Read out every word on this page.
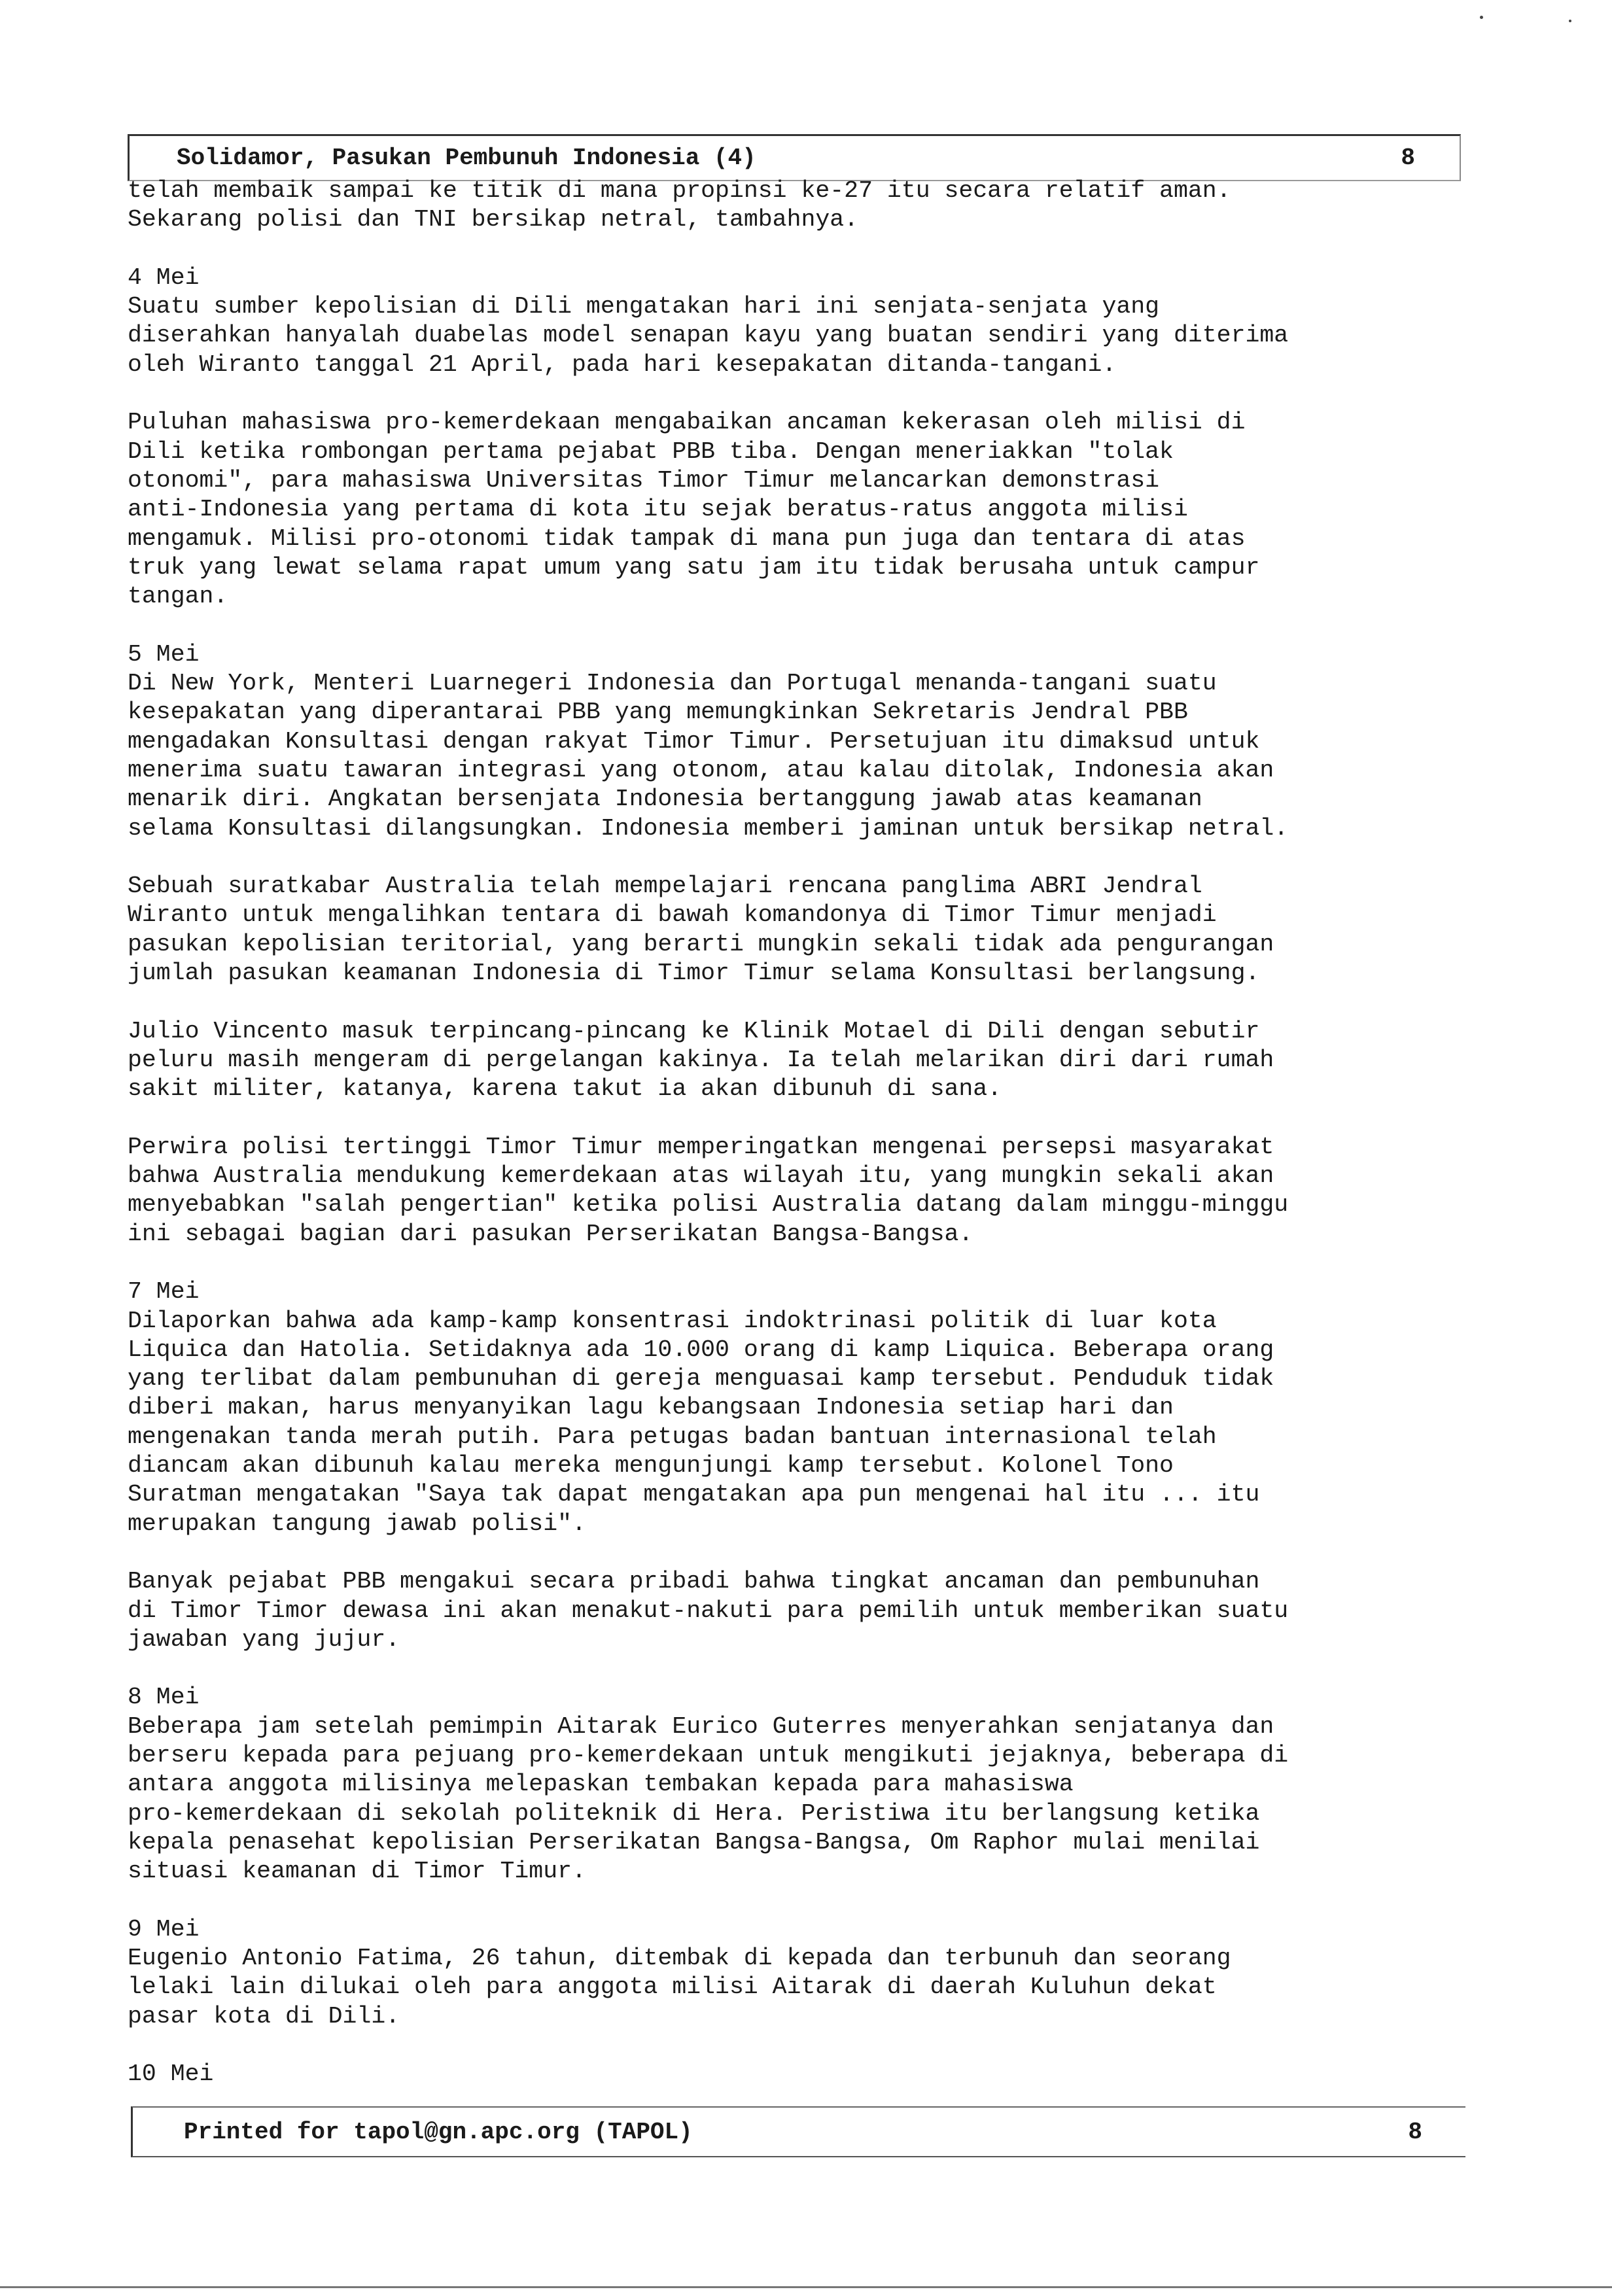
Solidamor, Pasukan Pembunuh Indonesia (4)	8
telah membaik sampai ke titik di mana propinsi ke-27 itu secara relatif aman.
Sekarang polisi dan TNI bersikap netral, tambahnya.
4 Mei
Suatu sumber kepolisian di Dili mengatakan hari ini senjata-senjata yang
diserahkan hanyalah duabelas model senapan kayu yang buatan sendiri yang diterima
oleh Wiranto tanggal 21 April, pada hari kesepakatan ditanda-tangani.
Puluhan mahasiswa pro-kemerdekaan mengabaikan ancaman kekerasan oleh milisi di
Dili ketika rombongan pertama pejabat PBB tiba. Dengan meneriakkan "tolak
otonomi", para mahasiswa Universitas Timor Timur melancarkan demonstrasi
anti-Indonesia yang pertama di kota itu sejak beratus-ratus anggota milisi
mengamuk. Milisi pro-otonomi tidak tampak di mana pun juga dan tentara di atas
truk yang lewat selama rapat umum yang satu jam itu tidak berusaha untuk campur
tangan.
5 Mei
Di New York, Menteri Luarnegeri Indonesia dan Portugal menanda-tangani suatu
kesepakatan yang diperantarai PBB yang memungkinkan Sekretaris Jendral PBB
mengadakan Konsultasi dengan rakyat Timor Timur. Persetujuan itu dimaksud untuk
menerima suatu tawaran integrasi yang otonom, atau kalau ditolak, Indonesia akan
menarik diri. Angkatan bersenjata Indonesia bertanggung jawab atas keamanan
selama Konsultasi dilangsungkan. Indonesia memberi jaminan untuk bersikap netral.
Sebuah suratkabar Australia telah mempelajari rencana panglima ABRI Jendral
Wiranto untuk mengalihkan tentara di bawah komandonya di Timor Timur menjadi
pasukan kepolisian teritorial, yang berarti mungkin sekali tidak ada pengurangan
jumlah pasukan keamanan Indonesia di Timor Timur selama Konsultasi berlangsung.
Julio Vincento masuk terpincang-pincang ke Klinik Motael di Dili dengan sebutir
peluru masih mengeram di pergelangan kakinya. Ia telah melarikan diri dari rumah
sakit militer, katanya, karena takut ia akan dibunuh di sana.
Perwira polisi tertinggi Timor Timur memperingatkan mengenai persepsi masyarakat
bahwa Australia mendukung kemerdekaan atas wilayah itu, yang mungkin sekali akan
menyebabkan "salah pengertian" ketika polisi Australia datang dalam minggu-minggu
ini sebagai bagian dari pasukan Perserikatan Bangsa-Bangsa.
7 Mei
Dilaporkan bahwa ada kamp-kamp konsentrasi indoktrinasi politik di luar kota
Liquica dan Hatolia. Setidaknya ada 10.000 orang di kamp Liquica. Beberapa orang
yang terlibat dalam pembunuhan di gereja menguasai kamp tersebut. Penduduk tidak
diberi makan, harus menyanyikan lagu kebangsaan Indonesia setiap hari dan
mengenakan tanda merah putih. Para petugas badan bantuan internasional telah
diancam akan dibunuh kalau mereka mengunjungi kamp tersebut. Kolonel Tono
Suratman mengatakan "Saya tak dapat mengatakan apa pun mengenai hal itu ... itu
merupakan tangung jawab polisi".
Banyak pejabat PBB mengakui secara pribadi bahwa tingkat ancaman dan pembunuhan
di Timor Timor dewasa ini akan menakut-nakuti para pemilih untuk memberikan suatu
jawaban yang jujur.
8 Mei
Beberapa jam setelah pemimpin Aitarak Eurico Guterres menyerahkan senjatanya dan
berseru kepada para pejuang pro-kemerdekaan untuk mengikuti jejaknya, beberapa di
antara anggota milisinya melepaskan tembakan kepada para mahasiswa
pro-kemerdekaan di sekolah politeknik di Hera. Peristiwa itu berlangsung ketika
kepala penasehat kepolisian Perserikatan Bangsa-Bangsa, Om Raphor mulai menilai
situasi keamanan di Timor Timur.
9 Mei
Eugenio Antonio Fatima, 26 tahun, ditembak di kepada dan terbunuh dan seorang
lelaki lain dilukai oleh para anggota milisi Aitarak di daerah Kuluhun dekat
pasar kota di Dili.
10 Mei
Printed for tapol@gn.apc.org (TAPOL)	8
